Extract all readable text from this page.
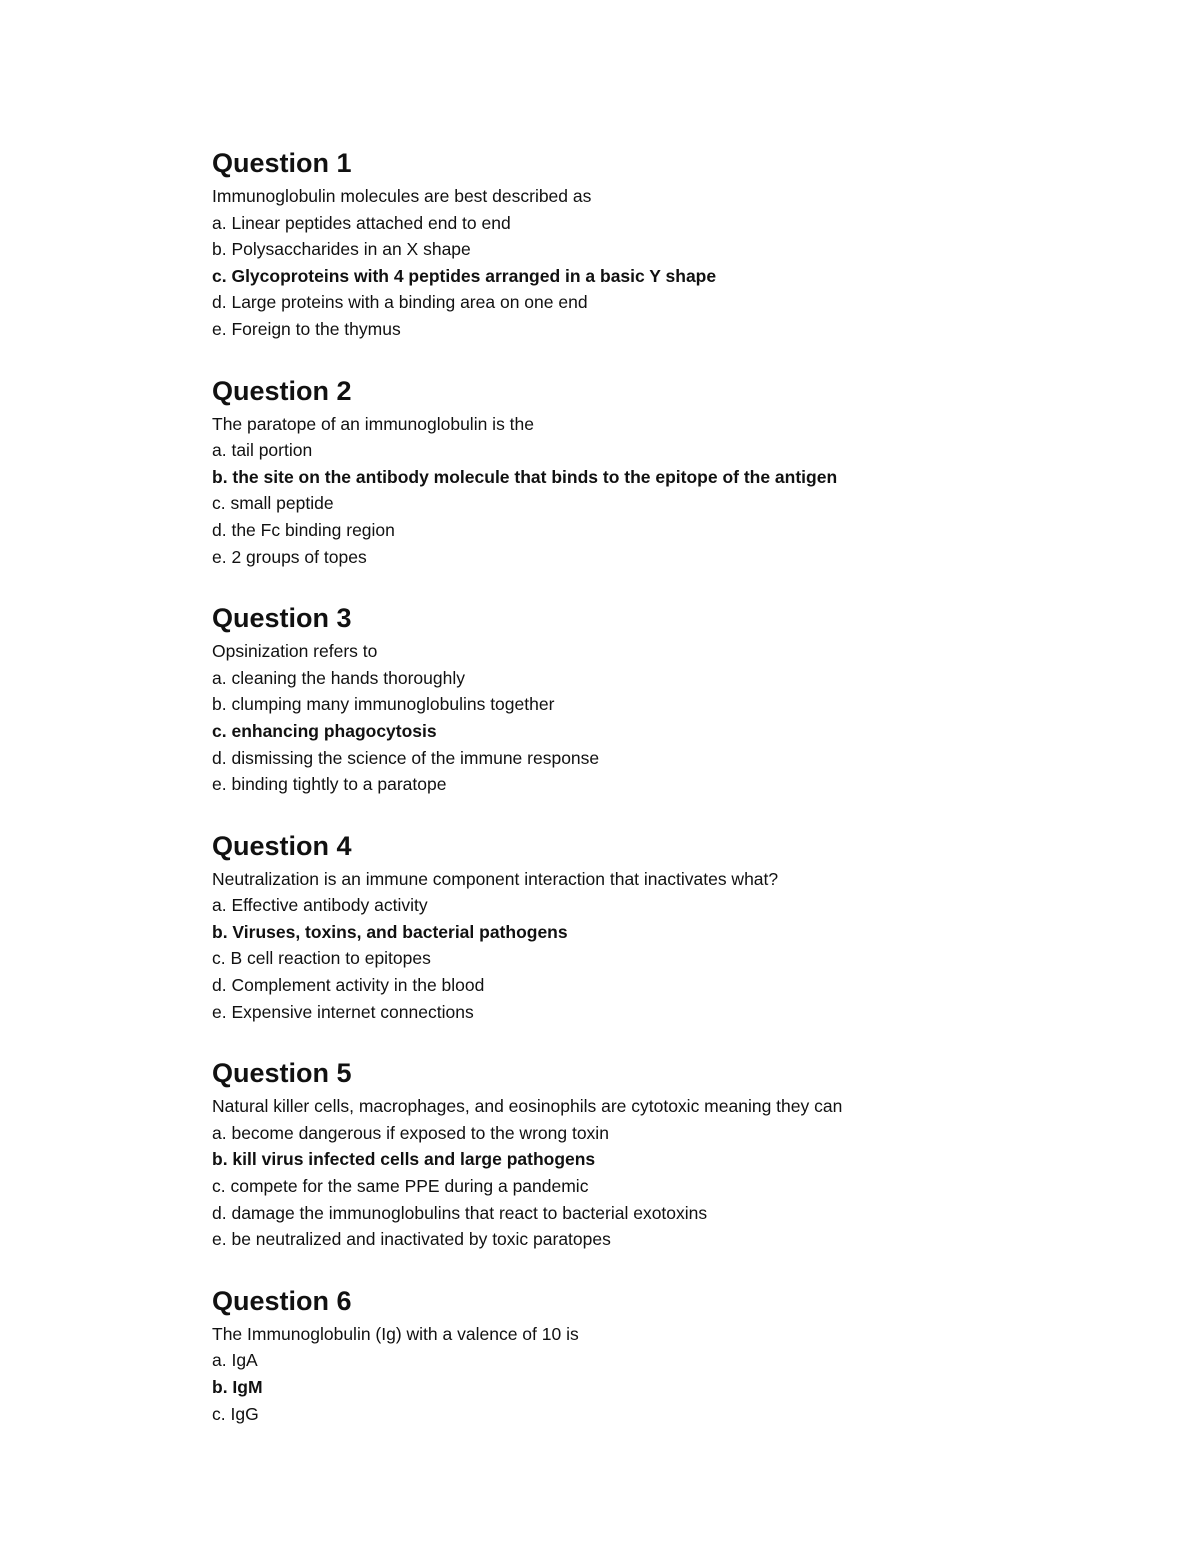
Question 1
Immunoglobulin molecules are best described as
a. Linear peptides attached end to end
b. Polysaccharides in an X shape
c. Glycoproteins with 4 peptides arranged in a basic Y shape
d. Large proteins with a binding area on one end
e. Foreign to the thymus
Question 2
The paratope of an immunoglobulin is the
a. tail portion
b. the site on the antibody molecule that binds to the epitope of the antigen
c. small peptide
d. the Fc binding region
e. 2 groups of topes
Question 3
Opsinization refers to
a. cleaning the hands thoroughly
b. clumping many immunoglobulins together
c. enhancing phagocytosis
d. dismissing the science of the immune response
e. binding tightly to a paratope
Question 4
Neutralization is an immune component interaction that inactivates what?
a. Effective antibody activity
b. Viruses, toxins, and bacterial pathogens
c. B cell reaction to epitopes
d. Complement activity in the blood
e. Expensive internet connections
Question 5
Natural killer cells, macrophages, and eosinophils are cytotoxic meaning they can
a. become dangerous if exposed to the wrong toxin
b. kill virus infected cells and large pathogens
c. compete for the same PPE during a pandemic
d. damage the immunoglobulins that react to bacterial exotoxins
e. be neutralized and inactivated by toxic paratopes
Question 6
The Immunoglobulin (Ig) with a valence of 10 is
a. IgA
b. IgM
c. IgG
